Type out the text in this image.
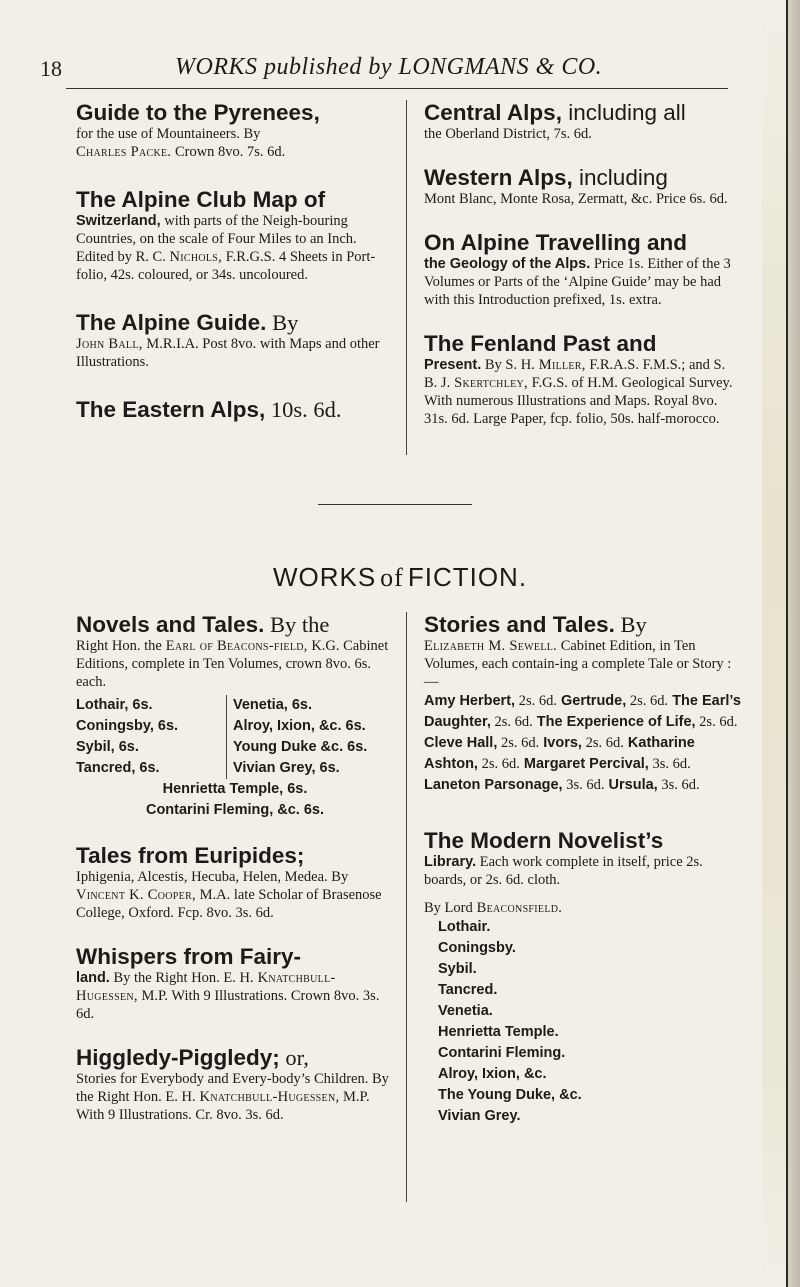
18	WORKS published by LONGMANS & CO.
Guide to the Pyrenees,
for the use of Mountaineers. By
Charles Packe. Crown 8vo. 7s. 6d.
The Alpine Club Map of
Switzerland, with parts of the Neigh-bouring Countries, on the scale of Four Miles to an Inch. Edited by R. C. Nichols, F.R.G.S. 4 Sheets in Port-folio, 42s. coloured, or 34s. uncoloured.
The Alpine Guide. By
John Ball, M.R.I.A. Post 8vo. with Maps and other Illustrations.
The Eastern Alps, 10s. 6d.
Central Alps, including all
the Oberland District, 7s. 6d.
Western Alps, including
Mont Blanc, Monte Rosa, Zermatt, &c. Price 6s. 6d.
On Alpine Travelling and
the Geology of the Alps. Price 1s. Either of the 3 Volumes or Parts of the ‘Alpine Guide’ may be had with this Introduction prefixed, 1s. extra.
The Fenland Past and
Present. By S. H. Miller, F.R.A.S. F.M.S.; and S. B. J. Skertchley, F.G.S. of H.M. Geological Survey. With numerous Illustrations and Maps. Royal 8vo. 31s. 6d. Large Paper, fcp. folio, 50s. half-morocco.
WORKS of FICTION.
Novels and Tales. By the
Right Hon. the Earl of Beacons-field, K.G. Cabinet Editions, complete in Ten Volumes, crown 8vo. 6s. each.
Lothair, 6s.	Venetia, 6s.
Coningsby, 6s.	Alroy, Ixion, &c. 6s.
Sybil, 6s.	Young Duke &c. 6s.
Tancred, 6s.	Vivian Grey, 6s.
Henrietta Temple, 6s.
Contarini Fleming, &c. 6s.
Tales from Euripides;
Iphigenia, Alcestis, Hecuba, Helen, Medea. By Vincent K. Cooper, M.A. late Scholar of Brasenose College, Oxford. Fcp. 8vo. 3s. 6d.
Whispers from Fairy-
land. By the Right Hon. E. H. Knatchbull-Hugessen, M.P. With 9 Illustrations. Crown 8vo. 3s. 6d.
Higgledy-Piggledy; or,
Stories for Everybody and Every-body’s Children. By the Right Hon. E. H. Knatchbull-Hugessen, M.P. With 9 Illustrations. Cr. 8vo. 3s. 6d.
Stories and Tales. By
Elizabeth M. Sewell. Cabinet Edition, in Ten Volumes, each contain-ing a complete Tale or Story :—
Amy Herbert, 2s. 6d. Gertrude, 2s. 6d. The Earl’s Daughter, 2s. 6d. The Experience of Life, 2s. 6d. Cleve Hall, 2s. 6d. Ivors, 2s. 6d. Katharine Ashton, 2s. 6d. Margaret Percival, 3s. 6d. Laneton Parsonage, 3s. 6d. Ursula, 3s. 6d.
The Modern Novelist’s
Library. Each work complete in itself, price 2s. boards, or 2s. 6d. cloth.
By Lord Beaconsfield.
Lothair.
Coningsby.
Sybil.
Tancred.
Venetia.
Henrietta Temple.
Contarini Fleming.
Alroy, Ixion, &c.
The Young Duke, &c.
Vivian Grey.
